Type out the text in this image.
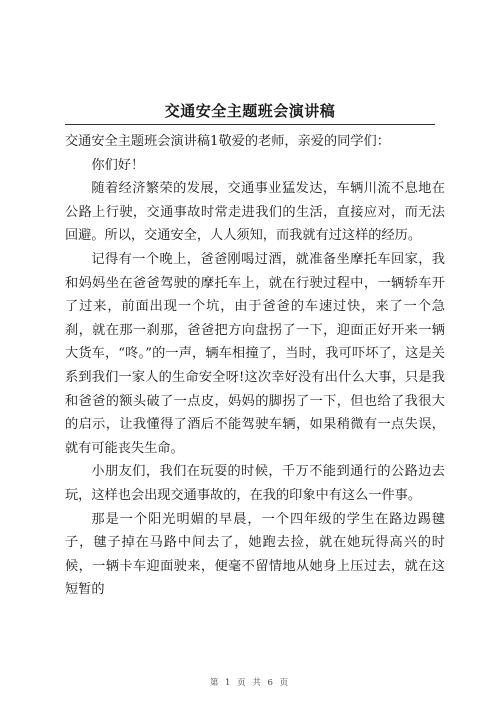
交通安全主题班会演讲稿

交通安全主题班会演讲稿1敬爱的老师，亲爱的同学们：

你们好！

随着经济繁荣的发展，交通事业猛发达，车辆川流不息地在公路上行驶，交通事故时常走进我们的生活，直接应对，而无法回避。所以，交通安全，人人须知，而我就有过这样的经历。

记得有一个晚上，爸爸刚喝过酒，就准备坐摩托车回家，我和妈妈坐在爸爸驾驶的摩托车上，就在行驶过程中，一辆轿车开了过来，前面出现一个坑，由于爸爸的车速过快，来了一个急刹，就在那一刹那，爸爸把方向盘拐了一下，迎面正好开来一辆大货车，“咚。”的一声，辆车相撞了，当时，我可吓坏了，这是关系到我们一家人的生命安全呀!这次幸好没有出什么大事，只是我和爸爸的额头破了一点皮，妈妈的脚拐了一下，但也给了我很大的启示，让我懂得了酒后不能驾驶车辆，如果稍微有一点失误，就有可能丧失生命。

小朋友们，我们在玩耍的时候，千万不能到通行的公路边去玩，这样也会出现交通事故的，在我的印象中有这么一件事。

那是一个阳光明媚的早晨，一个四年级的学生在路边踢毽子，毽子掉在马路中间去了，她跑去捡，就在她玩得高兴的时候，一辆卡车迎面驶来，便毫不留情地从她身上压过去，就在这短暂的

第 1 页 共 6 页
